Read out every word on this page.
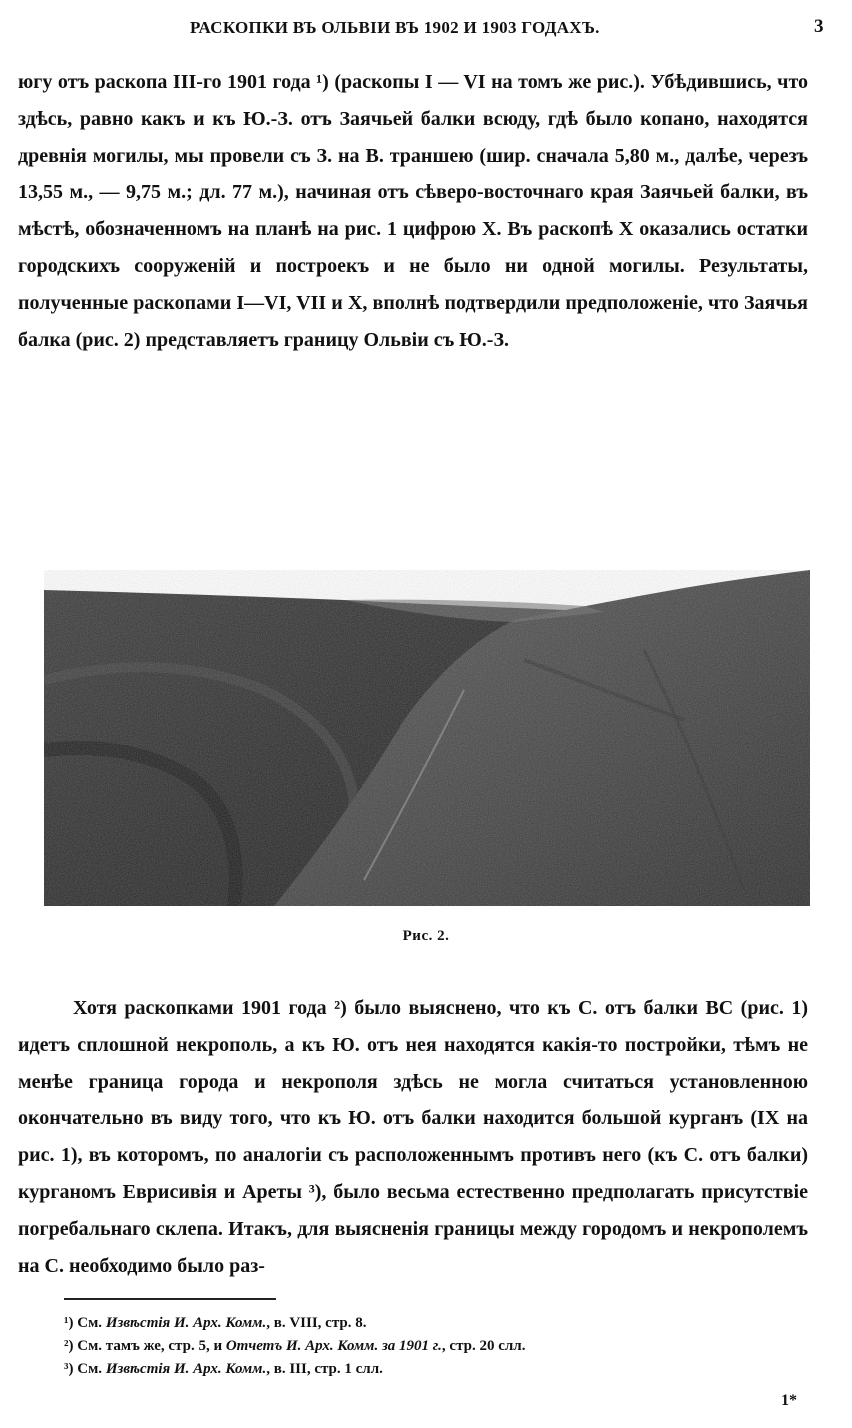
РАСКОПКИ ВЪ ОЛЬВІИ ВЪ 1902 И 1903 ГОДАХЪ.	3
югу отъ раскопа III-го 1901 года ¹) (раскопы I — VI на томъ же рис.). Убѣдившись, что здѣсь, равно какъ и къ Ю.-З. отъ Заячьей балки всюду, гдѣ было копано, находятся древнія могилы, мы провели съ З. на В. траншею (шир. сначала 5,80 м., далѣе, черезъ 13,55 м., — 9,75 м.; дл. 77 м.), начиная отъ сѣверо-восточнаго края Заячьей балки, въ мѣстѣ, обозначенномъ на планѣ на рис. 1 цифрою X. Въ раскопѣ X оказались остатки городскихъ сооруженій и построекъ и не было ни одной могилы. Результаты, полученные раскопами I—VI, VII и X, вполнѣ подтвердили предположеніе, что Заячья балка (рис. 2) представляетъ границу Ольвіи съ Ю.-З.
Рис. 2.
Хотя раскопками 1901 года ²) было выяснено, что къ С. отъ балки ВС (рис. 1) идетъ сплошной некрополь, а къ Ю. отъ нея находятся какія-то постройки, тѣмъ не менѣе граница города и некрополя здѣсь не могла считаться установленною окончательно въ виду того, что къ Ю. отъ балки находится большой курганъ (IX на рис. 1), въ которомъ, по аналогіи съ расположеннымъ противъ него (къ С. отъ балки) курганомъ Еврисивія и Ареты ³), было весьма естественно предполагать присутствіе погребальнаго склепа. Итакъ, для выясненія границы между городомъ и некрополемъ на С. необходимо было раз-
¹) См. Извѣстія И. Арх. Комм., в. VIII, стр. 8.
²) См. тамъ же, стр. 5, и Отчетъ И. Арх. Комм. за 1901 г., стр. 20 слл.
³) См. Извѣстія И. Арх. Комм., в. III, стр. 1 слл.
1*
